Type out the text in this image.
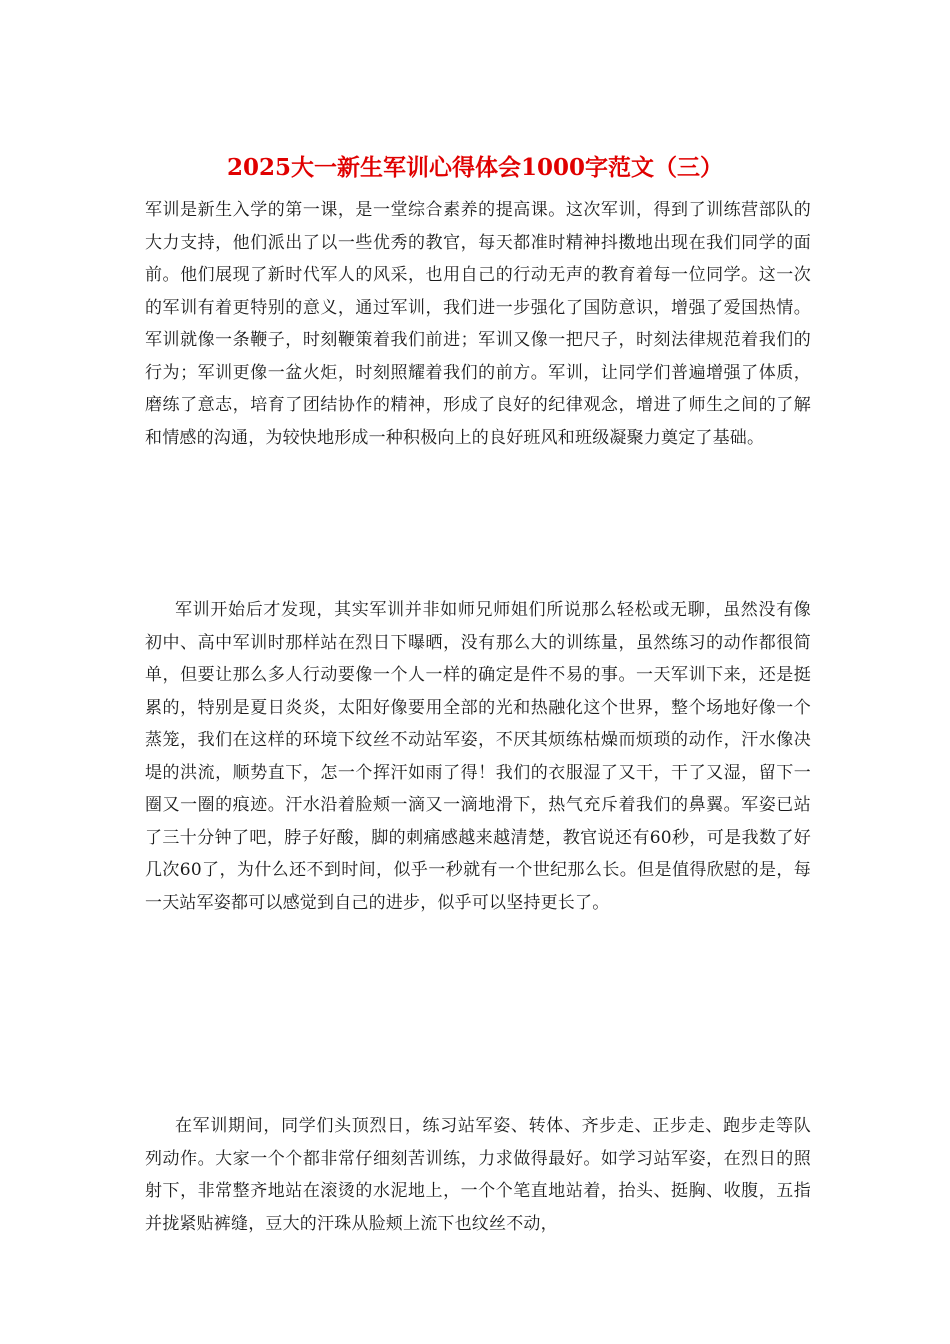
2025大一新生军训心得体会1000字范文（三）

军训是新生入学的第一课，是一堂综合素养的提高课。这次军训，得到了训练营部队的大力支持，他们派出了以一些优秀的教官，每天都准时精神抖擞地出现在我们同学的面前。他们展现了新时代军人的风采，也用自己的行动无声的教育着每一位同学。这一次的军训有着更特别的意义，通过军训，我们进一步强化了国防意识，增强了爱国热情。军训就像一条鞭子，时刻鞭策着我们前进；军训又像一把尺子，时刻法律规范着我们的行为；军训更像一盆火炬，时刻照耀着我们的前方。军训，让同学们普遍增强了体质，磨练了意志，培育了团结协作的精神，形成了良好的纪律观念，增进了师生之间的了解和情感的沟通，为较快地形成一种积极向上的良好班风和班级凝聚力奠定了基础。

军训开始后才发现，其实军训并非如师兄师姐们所说那么轻松或无聊，虽然没有像初中、高中军训时那样站在烈日下曝晒，没有那么大的训练量，虽然练习的动作都很简单，但要让那么多人行动要像一个人一样的确定是件不易的事。一天军训下来，还是挺累的，特别是夏日炎炎，太阳好像要用全部的光和热融化这个世界，整个场地好像一个蒸笼，我们在这样的环境下纹丝不动站军姿，不厌其烦练枯燥而烦琐的动作，汗水像决堤的洪流，顺势直下，怎一个挥汗如雨了得！我们的衣服湿了又干，干了又湿，留下一圈又一圈的痕迹。汗水沿着脸颊一滴又一滴地滑下，热气充斥着我们的鼻翼。军姿已站了三十分钟了吧，脖子好酸，脚的刺痛感越来越清楚，教官说还有60秒，可是我数了好几次60了，为什么还不到时间，似乎一秒就有一个世纪那么长。但是值得欣慰的是，每一天站军姿都可以感觉到自己的进步，似乎可以坚持更长了。

在军训期间，同学们头顶烈日，练习站军姿、转体、齐步走、正步走、跑步走等队列动作。大家一个个都非常仔细刻苦训练，力求做得最好。如学习站军姿，在烈日的照射下，非常整齐地站在滚烫的水泥地上，一个个笔直地站着，抬头、挺胸、收腹，五指并拢紧贴裤缝，豆大的汗珠从脸颊上流下也纹丝不动，
